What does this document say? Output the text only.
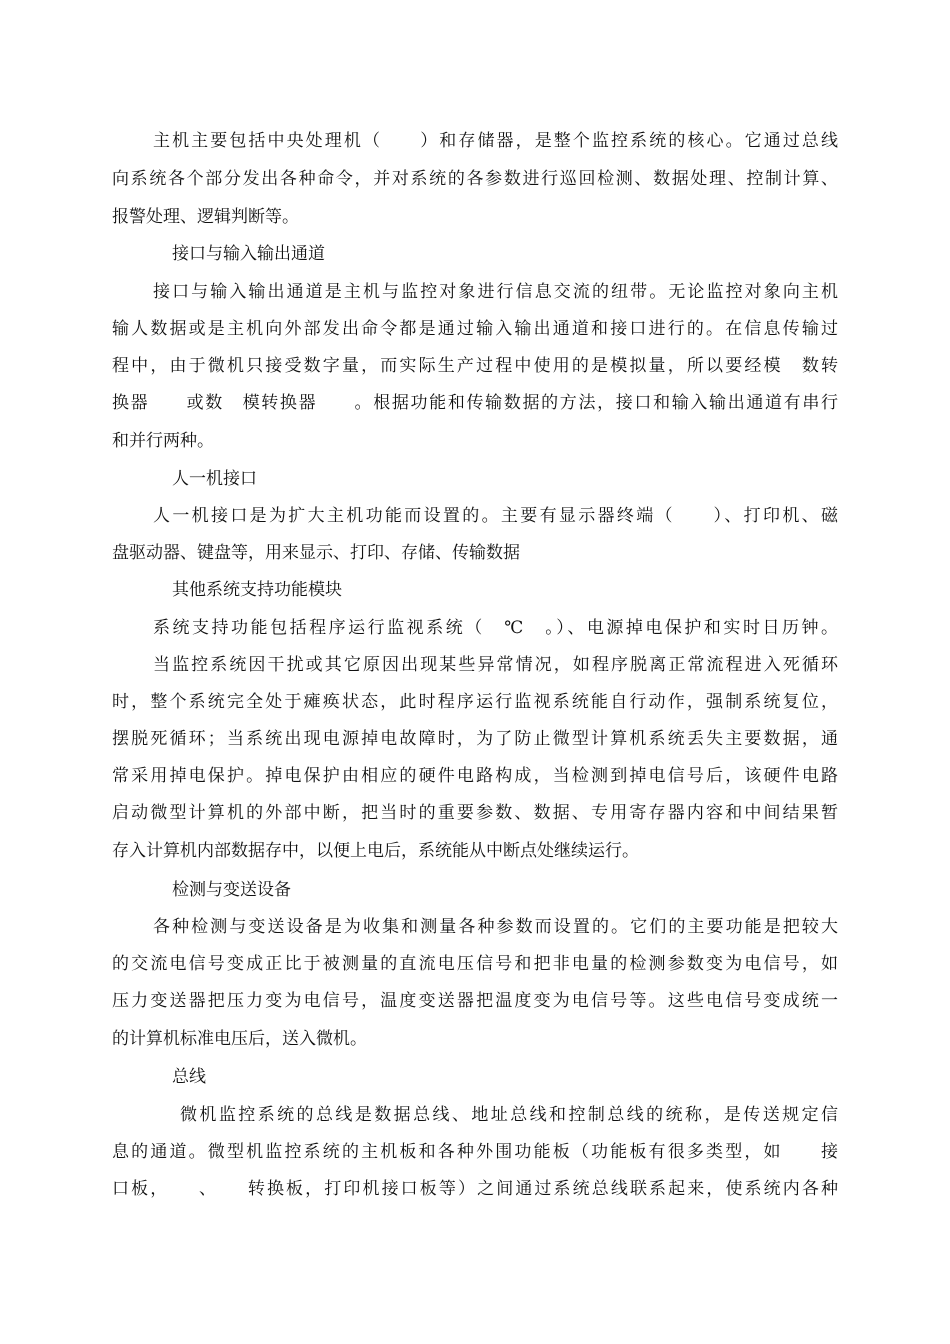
主机主要包括中央处理机（　　）和存储器，是整个监控系统的核心。它通过总线
向系统各个部分发出各种命令，并对系统的各参数进行巡回检测、数据处理、控制计算、
报警处理、逻辑判断等。
接口与输入输出通道
接口与输入输出通道是主机与监控对象进行信息交流的纽带。无论监控对象向主机
输人数据或是主机向外部发出命令都是通过输入输出通道和接口进行的。在信息传输过
程中，由于微机只接受数字量，而实际生产过程中使用的是模拟量，所以要经模　数转
换器　　或数　模转换器　　。根据功能和传输数据的方法，接口和输入输出通道有串行
和并行两种。
人一机接口
人一机接口是为扩大主机功能而设置的。主要有显示器终端（　　）、打印机、磁
盘驱动器、键盘等，用来显示、打印、存储、传输数据
其他系统支持功能模块
系统支持功能包括程序运行监视系统（　℃　。）、电源掉电保护和实时日历钟。
当监控系统因干扰或其它原因出现某些异常情况，如程序脱离正常流程进入死循环
时，整个系统完全处于瘫痪状态，此时程序运行监视系统能自行动作，强制系统复位，
摆脱死循环；当系统出现电源掉电故障时，为了防止微型计算机系统丢失主要数据，通
常采用掉电保护。掉电保护由相应的硬件电路构成，当检测到掉电信号后，该硬件电路
启动微型计算机的外部中断，把当时的重要参数、数据、专用寄存器内容和中间结果暂
存入计算机内部数据存中，以便上电后，系统能从中断点处继续运行。
检测与变送设备
各种检测与变送设备是为收集和测量各种参数而设置的。它们的主要功能是把较大
的交流电信号变成正比于被测量的直流电压信号和把非电量的检测参数变为电信号，如
压力变送器把压力变为电信号，温度变送器把温度变为电信号等。这些电信号变成统一
的计算机标准电压后，送入微机。
总线
微机监控系统的总线是数据总线、地址总线和控制总线的统称，是传送规定信
息的通道。微型机监控系统的主机板和各种外围功能板（功能板有很多类型，如　　接
口板，　　、　　转换板，打印机接口板等）之间通过系统总线联系起来，使系统内各种
